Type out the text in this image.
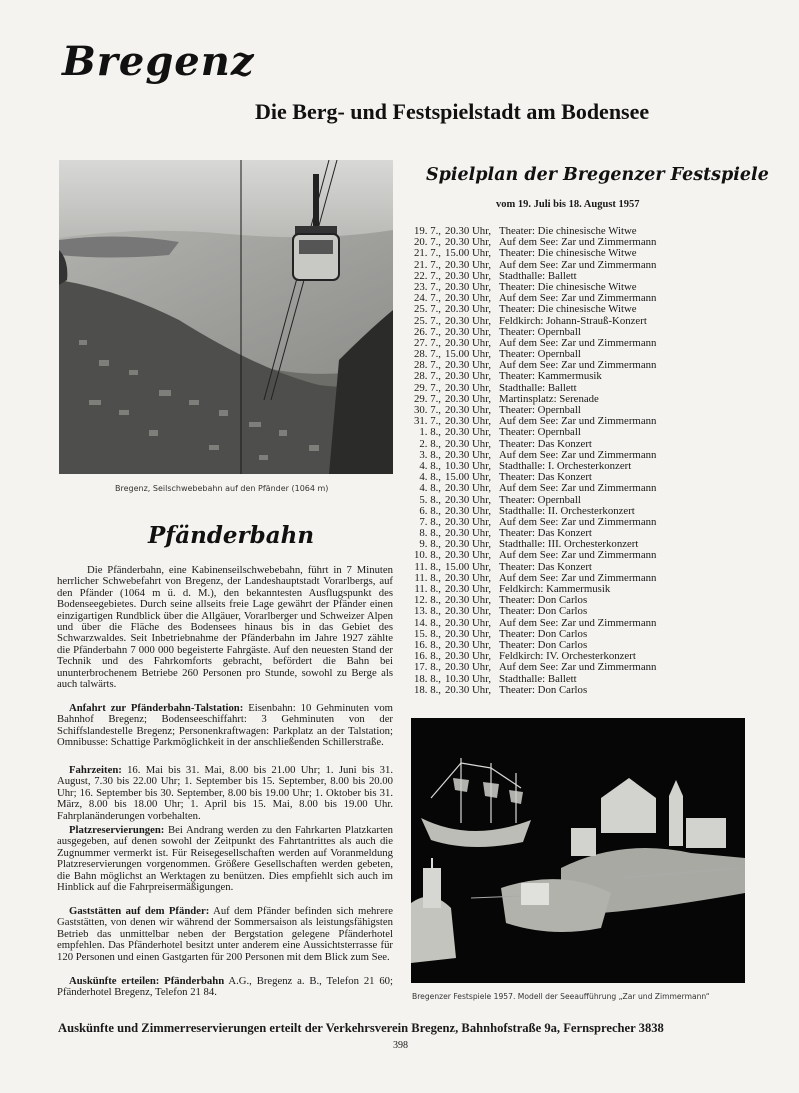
Bregenz
Die Berg- und Festspielstadt am Bodensee
Bregenz, Seilschwebebahn auf den Pfänder (1064 m)
Pfänderbahn

Die Pfänderbahn, eine Kabinenseilschwebebahn, führt in 7 Minuten herrlicher Schwebefahrt von Bregenz, der Landeshauptstadt Vorarlbergs, auf den Pfänder (1064 m ü. d. M.), den bekanntesten Ausflugspunkt des Bodenseegebietes. Durch seine allseits freie Lage gewährt der Pfänder einen einzigartigen Rundblick über die Allgäuer, Vorarlberger und Schweizer Alpen und über die Fläche des Bodensees hinaus bis in das Gebiet des Schwarzwaldes. Seit Inbetriebnahme der Pfänderbahn im Jahre 1927 zählte die Pfänderbahn 7 000 000 begeisterte Fahrgäste. Auf den neuesten Stand der Technik und des Fahrkomforts gebracht, befördert die Bahn bei ununterbrochenem Betriebe 260 Personen pro Stunde, sowohl zu Berge als auch talwärts.

Anfahrt zur Pfänderbahn-Talstation: Eisenbahn: 10 Gehminuten vom Bahnhof Bregenz; Bodenseeschiffahrt: 3 Gehminuten von der Schiffslandestelle Bregenz; Personenkraftwagen: Parkplatz an der Talstation; Omnibusse: Schattige Parkmöglichkeit in der anschließenden Schillerstraße.

Fahrzeiten: 16. Mai bis 31. Mai, 8.00 bis 21.00 Uhr; 1. Juni bis 31. August, 7.30 bis 22.00 Uhr; 1. September bis 15. September, 8.00 bis 20.00 Uhr; 16. September bis 30. September, 8.00 bis 19.00 Uhr; 1. Oktober bis 31. März, 8.00 bis 18.00 Uhr; 1. April bis 15. Mai, 8.00 bis 19.00 Uhr. Fahrplanänderungen vorbehalten.

Platzreservierungen: Bei Andrang werden zu den Fahrkarten Platzkarten ausgegeben, auf denen sowohl der Zeitpunkt des Fahrtantrittes als auch die Zugnummer vermerkt ist. Für Reisegesellschaften werden auf Voranmeldung Platzreservierungen vorgenommen. Größere Gesellschaften werden gebeten, die Bahn möglichst an Werktagen zu benützen. Dies empfiehlt sich auch im Hinblick auf die Fahrpreisermäßigungen.

Gaststätten auf dem Pfänder: Auf dem Pfänder befinden sich mehrere Gaststätten, von denen wir während der Sommersaison als leistungsfähigsten Betrieb das unmittelbar neben der Bergstation gelegene Pfänderhotel empfehlen. Das Pfänderhotel besitzt unter anderem eine Aussichtsterrasse für 120 Personen und einen Gastgarten für 200 Personen mit dem Blick zum See.

Auskünfte erteilen: Pfänderbahn A.G., Bregenz a. B., Telefon 21 60; Pfänderhotel Bregenz, Telefon 21 84.

Spielplan der Bregenzer Festspiele
vom 19. Juli bis 18. August 1957
19. 7., 20.30 Uhr, Theater: Die chinesische Witwe
20. 7., 20.30 Uhr, Auf dem See: Zar und Zimmermann
21. 7., 15.00 Uhr, Theater: Die chinesische Witwe
21. 7., 20.30 Uhr, Auf dem See: Zar und Zimmermann
22. 7., 20.30 Uhr, Stadthalle: Ballett
23. 7., 20.30 Uhr, Theater: Die chinesische Witwe
24. 7., 20.30 Uhr, Auf dem See: Zar und Zimmermann
25. 7., 20.30 Uhr, Theater: Die chinesische Witwe
25. 7., 20.30 Uhr, Feldkirch: Johann-Strauß-Konzert
26. 7., 20.30 Uhr, Theater: Opernball
27. 7., 20.30 Uhr, Auf dem See: Zar und Zimmermann
28. 7., 15.00 Uhr, Theater: Opernball
28. 7., 20.30 Uhr, Auf dem See: Zar und Zimmermann
28. 7., 20.30 Uhr, Theater: Kammermusik
29. 7., 20.30 Uhr, Stadthalle: Ballett
29. 7., 20.30 Uhr, Martinsplatz: Serenade
30. 7., 20.30 Uhr, Theater: Opernball
31. 7., 20.30 Uhr, Auf dem See: Zar und Zimmermann
1. 8., 20.30 Uhr, Theater: Opernball
2. 8., 20.30 Uhr, Theater: Das Konzert
3. 8., 20.30 Uhr, Auf dem See: Zar und Zimmermann
4. 8., 10.30 Uhr, Stadthalle: I. Orchesterkonzert
4. 8., 15.00 Uhr, Theater: Das Konzert
4. 8., 20.30 Uhr, Auf dem See: Zar und Zimmermann
5. 8., 20.30 Uhr, Theater: Opernball
6. 8., 20.30 Uhr, Stadthalle: II. Orchesterkonzert
7. 8., 20.30 Uhr, Auf dem See: Zar und Zimmermann
8. 8., 20.30 Uhr, Theater: Das Konzert
9. 8., 20.30 Uhr, Stadthalle: III. Orchesterkonzert
10. 8., 20.30 Uhr, Auf dem See: Zar und Zimmermann
11. 8., 15.00 Uhr, Theater: Das Konzert
11. 8., 20.30 Uhr, Auf dem See: Zar und Zimmermann
11. 8., 20.30 Uhr, Feldkirch: Kammermusik
12. 8., 20.30 Uhr, Theater: Don Carlos
13. 8., 20.30 Uhr, Theater: Don Carlos
14. 8., 20.30 Uhr, Auf dem See: Zar und Zimmermann
15. 8., 20.30 Uhr, Theater: Don Carlos
16. 8., 20.30 Uhr, Theater: Don Carlos
16. 8., 20.30 Uhr, Feldkirch: IV. Orchesterkonzert
17. 8., 20.30 Uhr, Auf dem See: Zar und Zimmermann
18. 8., 10.30 Uhr, Stadthalle: Ballett
18. 8., 20.30 Uhr, Theater: Don Carlos
Bregenzer Festspiele 1957. Modell der Seeaufführung „Zar und Zimmermann“
Auskünfte und Zimmerreservierungen erteilt der Verkehrsverein Bregenz, Bahnhofstraße 9a, Fernsprecher 3838
398
